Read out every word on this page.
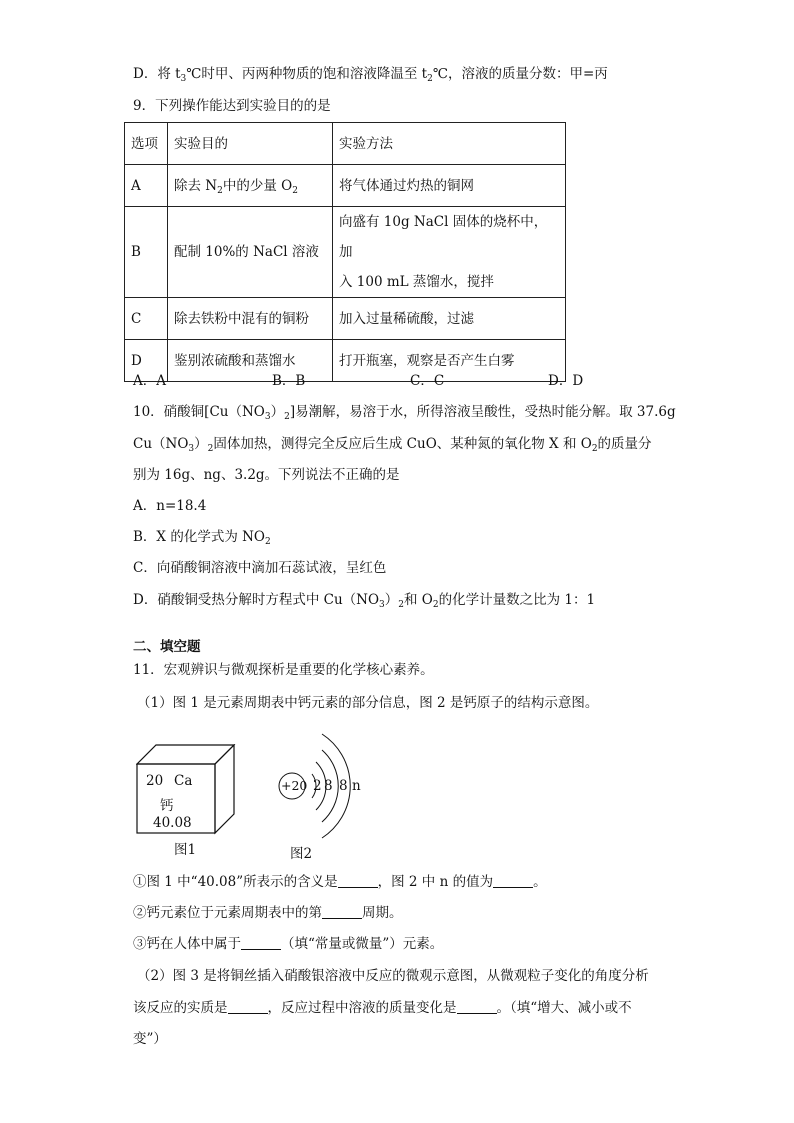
D．将 $t_3℃$时甲、丙两种物质的饱和溶液降温至 $t_2℃$，溶液的质量分数：甲=丙
9．下列操作能达到实验目的的是
选项	实验目的	实验方法
A	除去 $N_2$中的少量 $O_2$	将气体通过灼热的铜网
B	配制 10%的 NaCl 溶液	向盛有 10g NaCl 固体的烧杯中，加
入 100 mL 蒸馏水，搅拌

C	除去铁粉中混有的铜粉	加入过量稀硫酸，过滤
D	鉴别浓硫酸和蒸馏水	打开瓶塞，观察是否产生白雾
A．A	B．B	C．C	D．D
10．硝酸铜$[Cu(NO_3)_2]$易潮解，易溶于水，所得溶液呈酸性，受热时能分解。取 37.6g
$Cu(NO_3)_2$固体加热，测得完全反应后生成 CuO、某种氮的氧化物 X 和 $O_2$的质量分
别为 16g、ng、3.2g。下列说法不正确的是
A．n=18.4
B．X 的化学式为 $NO_2$
C．向硝酸铜溶液中滴加石蕊试液，呈红色
D．硝酸铜受热分解时方程式中 $Cu(NO_3)_2$和 $O_2$的化学计量数之比为 1：1
二、填空题
11．宏观辨识与微观探析是重要的化学核心素养。
（1）图 1 是元素周期表中钙元素的部分信息，图 2 是钙原子的结构示意图。
20 Ca
钙
40.08
图1
+20 2 8 8 n
图2
①图 1 中“40.08”所表示的含义是	，图 2 中 n 的值为	。
②钙元素位于元素周期表中的第	周期。
③钙在人体中属于	（填“常量或微量”）元素。
（2）图 3 是将铜丝插入硝酸银溶液中反应的微观示意图，从微观粒子变化的角度分析
该反应的实质是	，反应过程中溶液的质量变化是	。（填“增大、减小或不
变”）
